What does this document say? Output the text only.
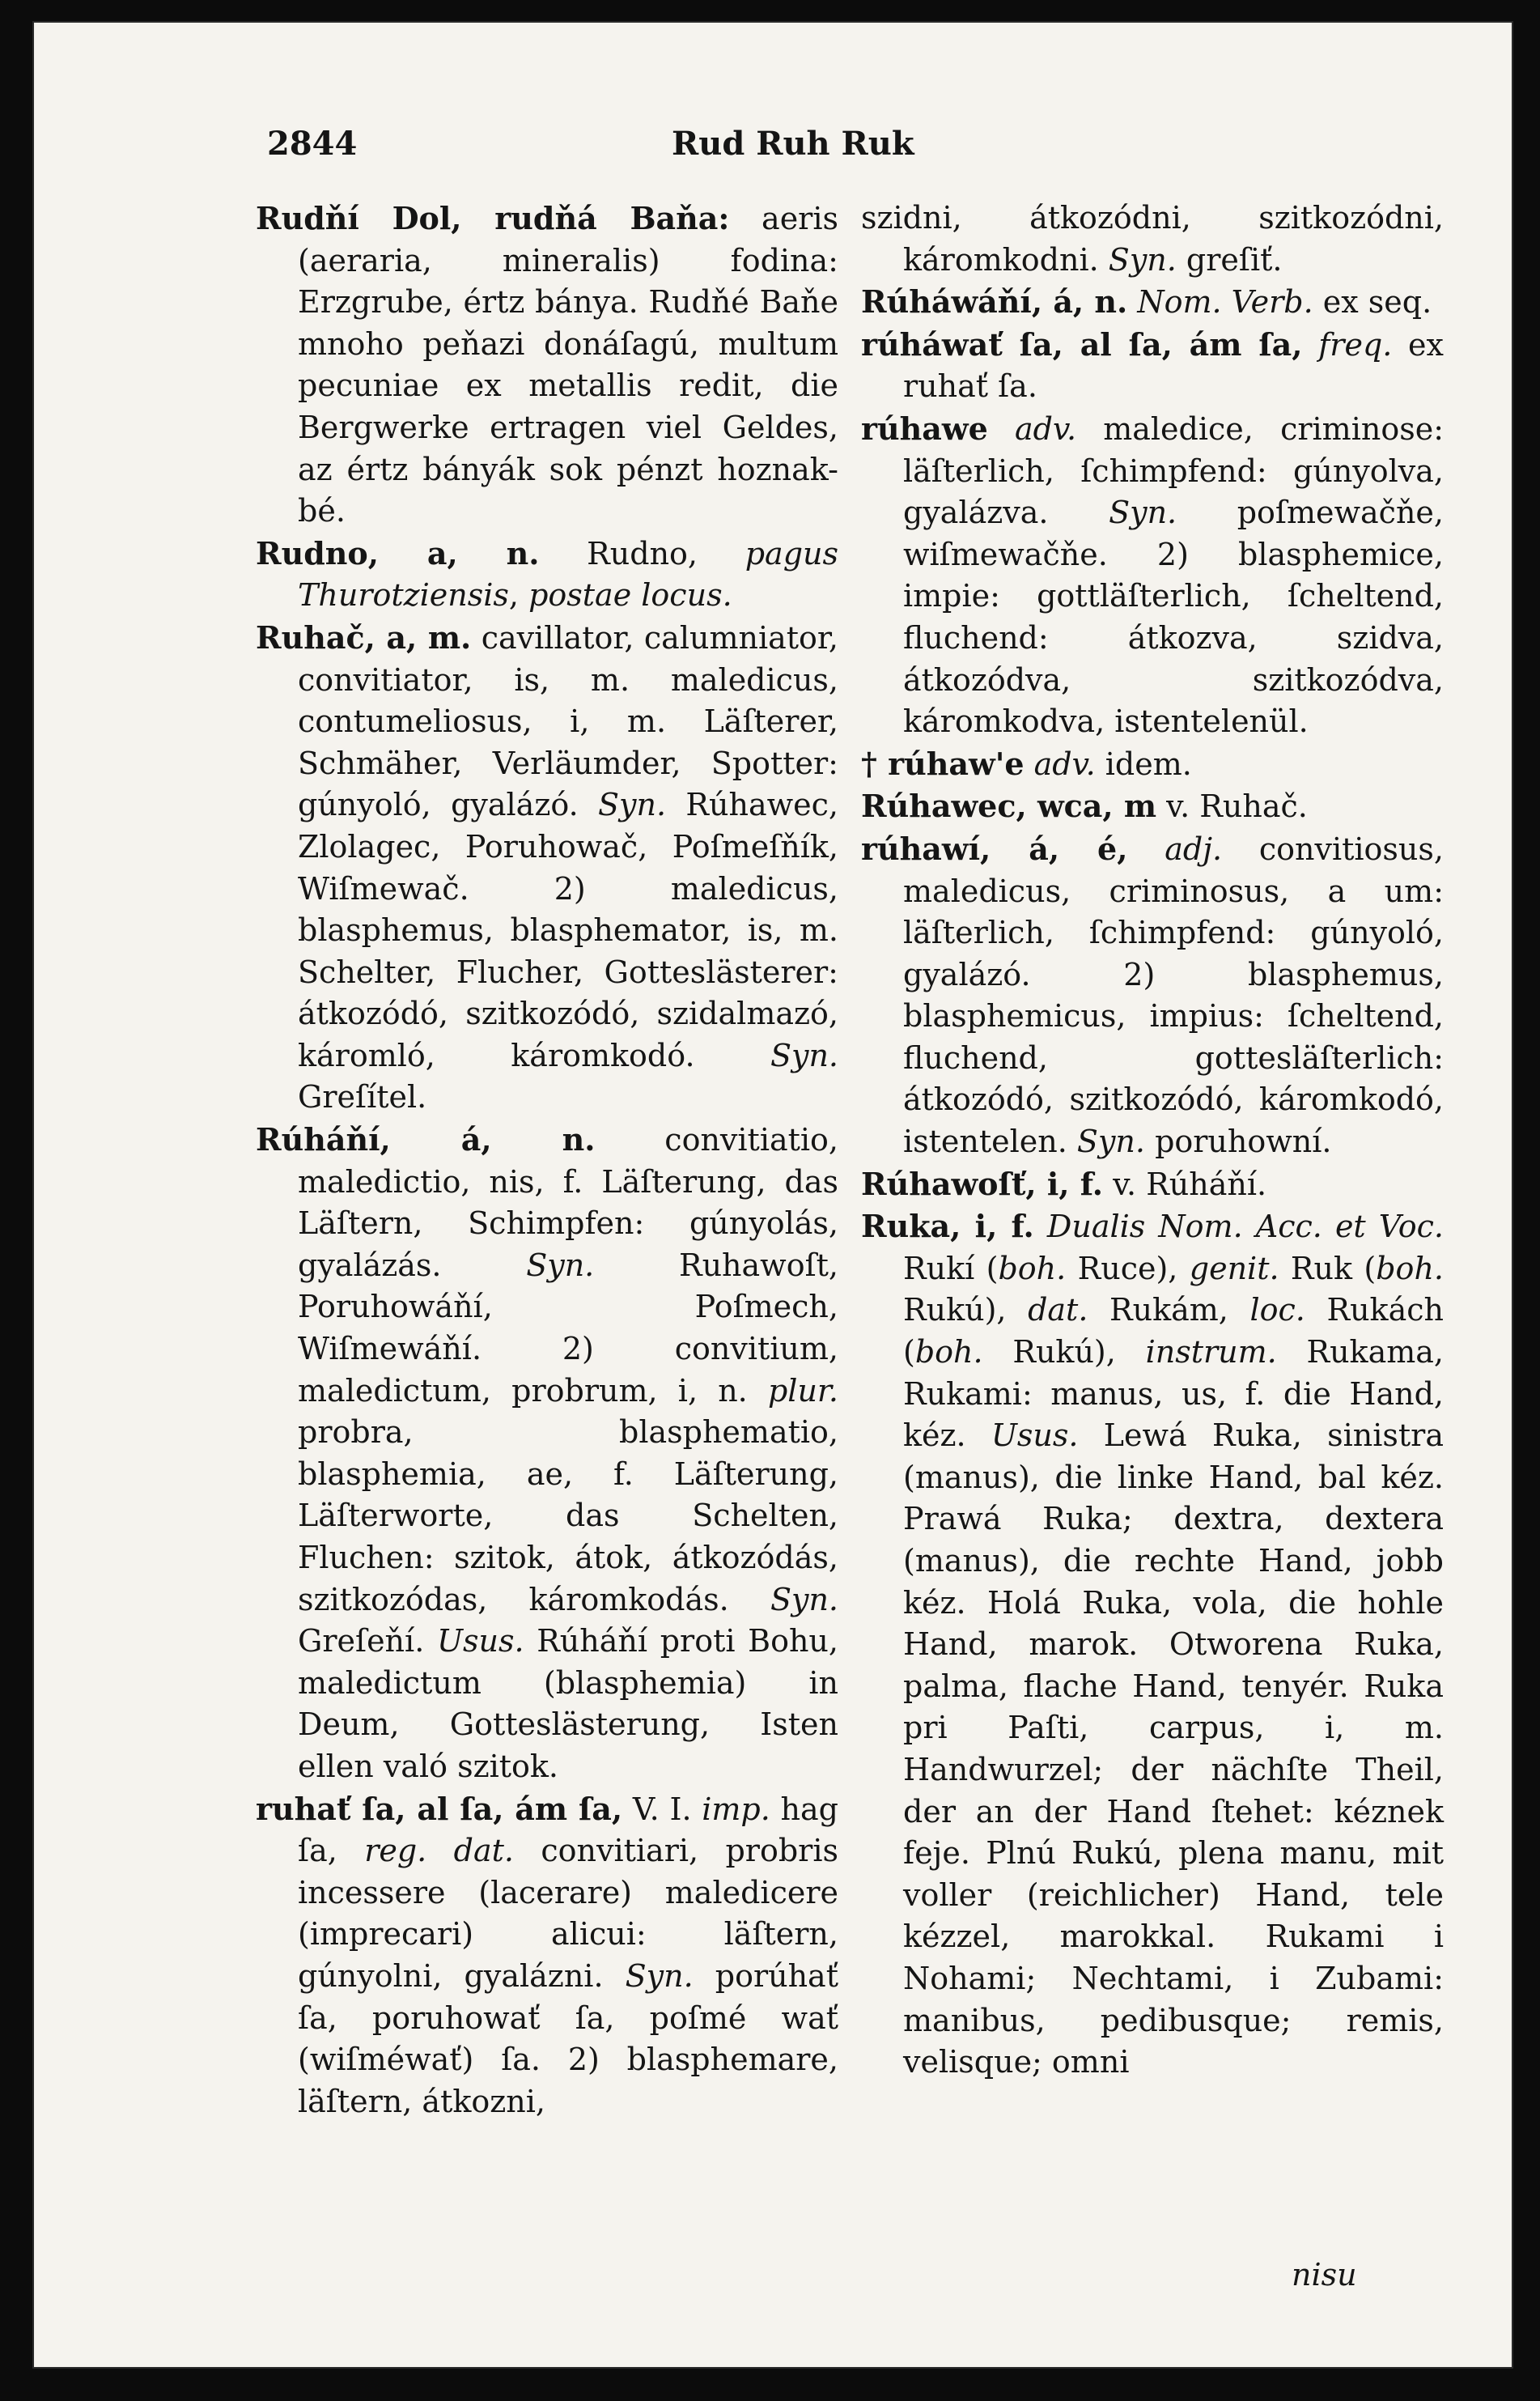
2844	Rud Ruh Ruk

Rudňí Dol, rudňá Baňa: aeris (aeraria, mineralis) fodina: Erzgrube, értz bánya. Rudňé Baňe mnoho peňazi donáſagú, multum pecuniae ex metallis redit, die Bergwerke ertragen viel Geldes, az értz bányák sok pénzt hoznak-bé.

Rudno, a, n. Rudno, pagus Thurotziensis, postae locus.

Ruhač, a, m. cavillator, calumniator, convitiator, is, m. maledicus, contumeliosus, i, m. Läſterer, Schmäher, Verläumder, Spotter: gúnyoló, gyalázó. Syn. Rúhawec, Zlolagec, Poruhowač, Poſmeſňík, Wiſmewač. 2) maledicus, blasphemus, blasphemator, is, m. Schelter, Flucher, Gotteslästerer: átkozódó, szitkozódó, szidalmazó, káromló, káromkodó. Syn. Greſítel.

Rúháňí, á, n. convitiatio, maledictio, nis, f. Läſterung, das Läſtern, Schimpfen: gúnyolás, gyalázás. Syn. Ruhawoſt, Poruhowáňí, Poſmech, Wiſmewáňí. 2) convitium, maledictum, probrum, i, n. plur. probra, blasphematio, blasphemia, ae, f. Läſterung, Läſterworte, das Schelten, Fluchen: szitok, átok, átkozódás, szitkozódas, káromkodás. Syn. Greſeňí. Usus. Rúháňí proti Bohu, maledictum (blasphemia) in Deum, Gotteslästerung, Isten ellen való szitok.

ruhať ſa, al ſa, ám ſa, V. I. imp. hag ſa, reg. dat. convitiari, probris incessere (lacerare) maledicere (imprecari) alicui: läſtern, gúnyolni, gyalázni. Syn. porúhať ſa, poruhowať ſa, poſmé wať (wiſméwať) ſa. 2) blasphemare, läſtern, átkozni,

szidni, átkozódni, szitkozódni, káromkodni. Syn. greſiť.

Rúháwáňí, á, n. Nom. Verb. ex seq.

rúháwať ſa, al ſa, ám ſa, freq. ex ruhať ſa.

rúhawe adv. maledice, criminose: läſterlich, ſchimpfend: gúnyolva, gyalázva. Syn. poſmewačňe, wiſmewačňe. 2) blasphemice, impie: gottläſterlich, ſcheltend, fluchend: átkozva, szidva, átkozódva, szitkozódva, káromkodva, istentelenül.

† rúhaw'e adv. idem.

Rúhawec, wca, m v. Ruhač.

rúhawí, á, é, adj. convitiosus, maledicus, criminosus, a um: läſterlich, ſchimpfend: gúnyoló, gyalázó. 2) blasphemus, blasphemicus, impius: ſcheltend, fluchend, gottesläſterlich: átkozódó, szitkozódó, káromkodó, istentelen. Syn. poruhowní.

Rúhawoſť, i, f. v. Rúháňí.

Ruka, i, f. Dualis Nom. Acc. et Voc. Rukí (boh. Ruce), genit. Ruk (boh. Rukú), dat. Rukám, loc. Rukách (boh. Rukú), instrum. Rukama, Rukami: manus, us, f. die Hand, kéz. Usus. Lewá Ruka, sinistra (manus), die linke Hand, bal kéz. Prawá Ruka; dextra, dextera (manus), die rechte Hand, jobb kéz. Holá Ruka, vola, die hohle Hand, marok. Otworena Ruka, palma, flache Hand, tenyér. Ruka pri Paſti, carpus, i, m. Handwurzel; der nächſte Theil, der an der Hand ſtehet: kéznek feje. Plnú Rukú, plena manu, mit voller (reichlicher) Hand, tele kézzel, marokkal. Rukami i Nohami; Nechtami, i Zubami: manibus, pedibusque; remis, velisque; omni

nisu
